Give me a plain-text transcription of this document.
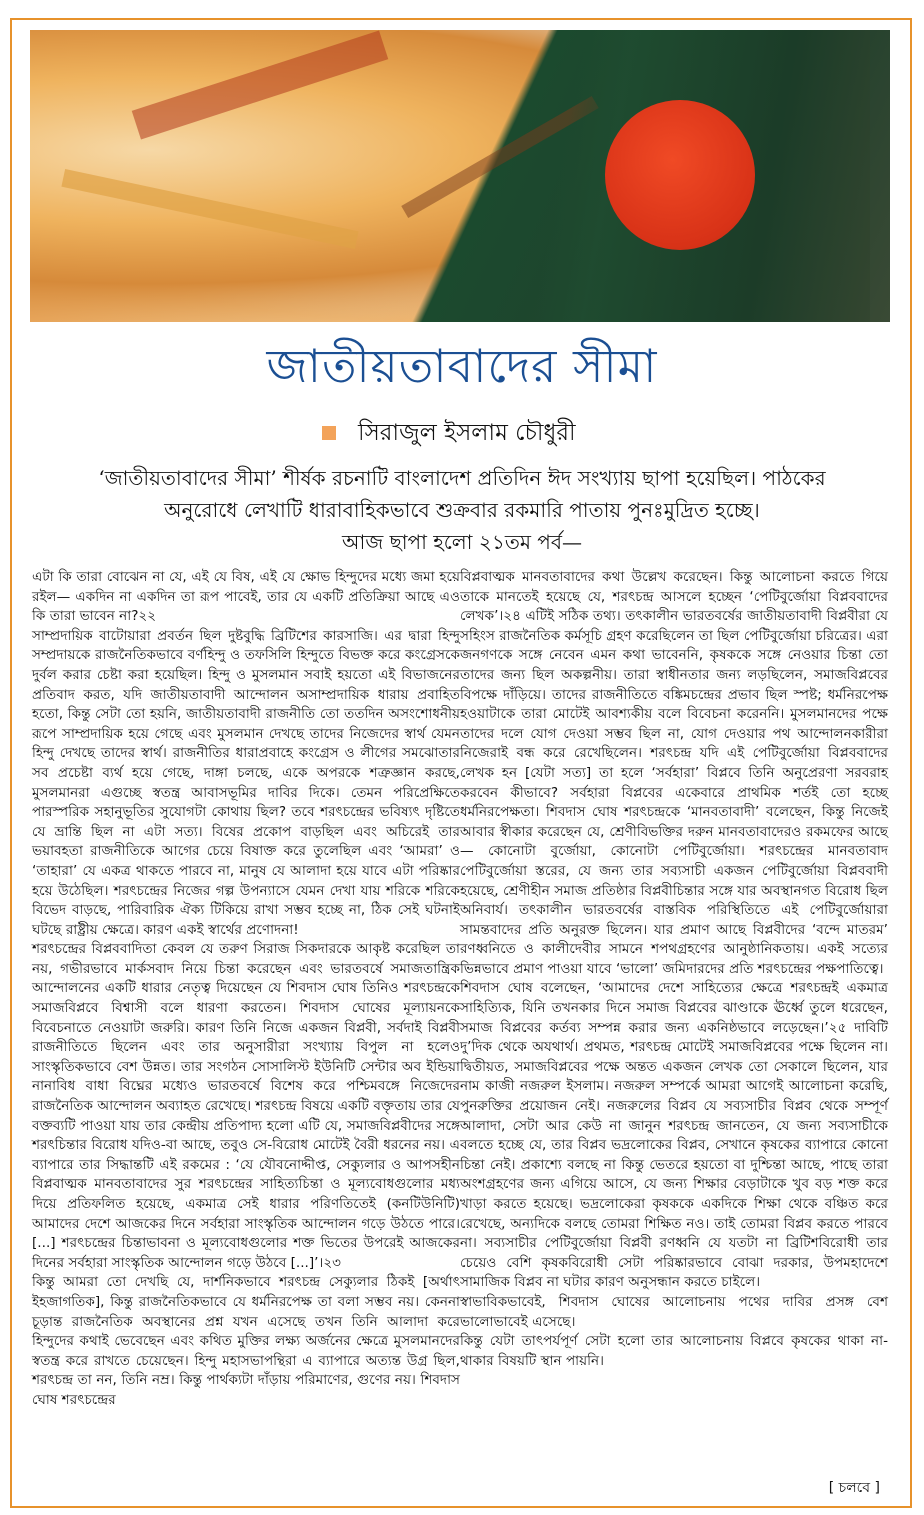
জাতীয়তাবাদের সীমা
সিরাজুল ইসলাম চৌধুরী

‘জাতীয়তাবাদের সীমা’ শীর্ষক রচনাটি বাংলাদেশ প্রতিদিন ঈদ সংখ্যায় ছাপা হয়েছিল। পাঠকের

অনুরোধে লেখাটি ধারাবাহিকভাবে শুক্রবার রকমারি পাতায় পুনঃমুদ্রিত হচ্ছে।

আজ ছাপা হলো ২১তম পর্ব—

এটা কি তারা বোঝেন না যে, এই যে বিষ, এই যে ক্ষোভ হিন্দুদের মধ্যে জমা হয়ে রইল— একদিন না একদিন তা রূপ পাবেই, তার যে একটি প্রতিক্রিয়া আছে এও কি তারা ভাবেন না?২২

সাম্প্রদায়িক বাটোয়ারা প্রবর্তন ছিল দুষ্টবুদ্ধি ব্রিটিশের কারসাজি। এর দ্বারা হিন্দু সম্প্রদায়কে রাজনৈতিকভাবে বর্ণহিন্দু ও তফসিলি হিন্দুতে বিভক্ত করে কংগ্রেসকে দুর্বল করার চেষ্টা করা হয়েছিল। হিন্দু ও মুসলমান সবাই হয়তো এই বিভাজনের প্রতিবাদ করত, যদি জাতীয়তাবাদী আন্দোলন অসাম্প্রদায়িক ধারায় প্রবাহিত হতো, কিন্তু সেটা তো হয়নি, জাতীয়তাবাদী রাজনীতি তো ততদিন অসংশোধনীয় রূপে সাম্প্রদায়িক হয়ে গেছে এবং মুসলমান দেখছে তাদের নিজেদের স্বার্থ যেমন হিন্দু দেখছে তাদের স্বার্থ। রাজনীতির ধারাপ্রবাহে কংগ্রেস ও লীগের সমঝোতার সব প্রচেষ্টা ব্যর্থ হয়ে গেছে, দাঙ্গা চলছে, একে অপরকে শত্রুজ্ঞান করছে, মুসলমানরা এগুচ্ছে স্বতন্ত্র আবাসভূমির দাবির দিকে। তেমন পরিপ্রেক্ষিতে পারস্পরিক সহানুভূতির সুযোগটা কোথায় ছিল? তবে শরৎচন্দ্রের ভবিষ্যৎ দৃষ্টিতে যে ভ্রান্তি ছিল না এটা সত্য। বিষের প্রকোপ বাড়ছিল এবং অচিরেই তার ভয়াবহতা রাজনীতিকে আগের চেয়ে বিষাক্ত করে তুলেছিল এবং ‘আমরা’ ও ‘তাহারা’ যে একত্র থাকতে পারবে না, মানুষ যে আলাদা হয়ে যাবে এটা পরিষ্কার হয়ে উঠেছিল। শরৎচন্দ্রের নিজের গল্প উপন্যাসে যেমন দেখা যায় শরিকে শরিকে বিভেদ বাড়ছে, পারিবারিক ঐক্য টিকিয়ে রাখা সম্ভব হচ্ছে না, ঠিক সেই ঘটনাই ঘটছে রাষ্ট্রীয় ক্ষেত্রে। কারণ একই স্বার্থের প্রণোদনা!

শরৎচন্দ্রের বিপ্লববাদিতা কেবল যে তরুণ সিরাজ সিকদারকে আকৃষ্ট করেছিল তা নয়, গভীরভাবে মার্কসবাদ নিয়ে চিন্তা করেছেন এবং ভারতবর্ষে সমাজতান্ত্রিক আন্দোলনের একটি ধারার নেতৃত্ব দিয়েছেন যে শিবদাস ঘোষ তিনিও শরৎচন্দ্রকে সমাজবিপ্লবে বিশ্বাসী বলে ধারণা করতেন। শিবদাস ঘোষের মূল্যায়নকে বিবেচনাতে নেওয়াটা জরুরি। কারণ তিনি নিজে একজন বিপ্লবী, সর্বদাই বিপ্লবী রাজনীতিতে ছিলেন এবং তার অনুসারীরা সংখ্যায় বিপুল না হলেও সাংস্কৃতিকভাবে বেশ উন্নত। তার সংগঠন সোসালিস্ট ইউনিটি সেন্টার অব ইন্ডিয়া নানাবিধ বাধা বিঘ্নের মধ্যেও ভারতবর্ষে বিশেষ করে পশ্চিমবঙ্গে নিজেদের রাজনৈতিক আন্দোলন অব্যাহত রেখেছে। শরৎচন্দ্র বিষয়ে একটি বক্তৃতায় তার যে বক্তব্যটি পাওয়া যায় তার কেন্দ্রীয় প্রতিপাদ্য হলো এটি যে, সমাজবিপ্লবীদের সঙ্গে শরৎচিন্তার বিরোধ যদিও-বা আছে, তবুও সে-বিরোধ মোটেই বৈরী ধরনের নয়। এ ব্যাপারে তার সিদ্ধান্তটি এই রকমের : ‘যে যৌবনোদ্দীপ্ত, সেক্যুলার ও আপসহীন বিপ্লবাত্মক মানবতাবাদের সুর শরৎচন্দ্রের সাহিত্যচিন্তা ও মূল্যবোধগুলোর মধ্য দিয়ে প্রতিফলিত হয়েছে, একমাত্র সেই ধারার পরিণতিতেই (কনটিউনিটি) আমাদের দেশে আজকের দিনে সর্বহারা সাংস্কৃতিক আন্দোলন গড়ে উঠতে পারে। [...] শরৎচন্দ্রের চিন্তাভাবনা ও মূল্যবোধগুলোর শক্ত ভিতের উপরেই আজকের দিনের সর্বহারা সাংস্কৃতিক আন্দোলন গড়ে উঠবে [...]’।২৩

কিন্তু আমরা তো দেখছি যে, দার্শনিকভাবে শরৎচন্দ্র সেক্যুলার ঠিকই [অর্থাৎ ইহজাগতিক], কিন্তু রাজনৈতিকভাবে যে ধর্মনিরপেক্ষ তা বলা সম্ভব নয়। কেননা চূড়ান্ত রাজনৈতিক অবস্থানের প্রশ্ন যখন এসেছে তখন তিনি আলাদা করে হিন্দুদের কথাই ভেবেছেন এবং কথিত মুক্তির লক্ষ্য অর্জনের ক্ষেত্রে মুসলমানদের স্বতন্ত্র করে রাখতে চেয়েছেন। হিন্দু মহাসভাপন্থিরা এ ব্যাপারে অত্যন্ত উগ্র ছিল, শরৎচন্দ্র তা নন, তিনি নম্র। কিন্তু পার্থক্যটা দাঁড়ায় পরিমাণের, গুণের নয়। শিবদাস ঘোষ শরৎচন্দ্রের

বিপ্লবাত্মক মানবতাবাদের কথা উল্লেখ করেছেন। কিন্তু আলোচনা করতে গিয়ে তাকে মানতেই হয়েছে যে, শরৎচন্দ্র আসলে হচ্ছেন ‘পেটিবুর্জোয়া বিপ্লববাদের লেখক’।২৪ এটিই সঠিক তথ্য। তৎকালীন ভারতবর্ষের জাতীয়তাবাদী বিপ্লবীরা যে সহিংস রাজনৈতিক কর্মসূচি গ্রহণ করেছিলেন তা ছিল পেটিবুর্জোয়া চরিত্রের। এরা জনগণকে সঙ্গে নেবেন এমন কথা ভাবেননি, কৃষককে সঙ্গে নেওয়ার চিন্তা তো তাদের জন্য ছিল অকল্পনীয়। তারা স্বাধীনতার জন্য লড়ছিলেন, সমাজবিপ্লবের বিপক্ষে দাঁড়িয়ে। তাদের রাজনীতিতে বঙ্কিমচন্দ্রের প্রভাব ছিল স্পষ্ট; ধর্মনিরপেক্ষ হওয়াটাকে তারা মোটেই আবশ্যকীয় বলে বিবেচনা করেননি। মুসলমানদের পক্ষে তাদের দলে যোগ দেওয়া সম্ভব ছিল না, যোগ দেওয়ার পথ আন্দোলনকারীরা নিজেরাই বন্ধ করে রেখেছিলেন। শরৎচন্দ্র যদি এই পেটিবুর্জোয়া বিপ্লববাদের লেখক হন [যেটা সত্য] তা হলে ‘সর্বহারা’ বিপ্লবে তিনি অনুপ্রেরণা সরবরাহ করবেন কীভাবে? সর্বহারা বিপ্লবের একেবারে প্রাথমিক শর্তই তো হচ্ছে ধর্মনিরপেক্ষতা। শিবদাস ঘোষ শরৎচন্দ্রকে ‘মানবতাবাদী’ বলেছেন, কিন্তু নিজেই আবার স্বীকার করেছেন যে, শ্রেণীবিভক্তির দরুন মানবতাবাদেরও রকমফের আছে— কোনোটা বুর্জোয়া, কোনোটা পেটিবুর্জোয়া। শরৎচন্দ্রের মানবতাবাদ পেটিবুর্জোয়া স্তরের, যে জন্য তার সব্যসাচী একজন পেটিবুর্জোয়া বিপ্লববাদী হয়েছে, শ্রেণীহীন সমাজ প্রতিষ্ঠার বিপ্লবীচিন্তার সঙ্গে যার অবস্থানগত বিরোধ ছিল অনিবার্য। তৎকালীন ভারতবর্ষের বাস্তবিক পরিস্থিতিতে এই পেটিবুর্জোয়ারা সামন্তবাদের প্রতি অনুরক্ত ছিলেন। যার প্রমাণ আছে বিপ্লবীদের ‘বন্দে মাতরম’ রণধ্বনিতে ও কালীদেবীর সামনে শপথগ্রহণের আনুষ্ঠানিকতায়। একই সত্যের ভিন্নভাবে প্রমাণ পাওয়া যাবে ‘ভালো’ জমিদারদের প্রতি শরৎচন্দ্রের পক্ষপাতিত্বে।

শিবদাস ঘোষ বলেছেন, ‘আমাদের দেশে সাহিত্যের ক্ষেত্রে শরৎচন্দ্রই একমাত্র সাহিত্যিক, যিনি তখনকার দিনে সমাজ বিপ্লবের ঝাণ্ডাকে ঊর্ধ্বে তুলে ধরেছেন, সমাজ বিপ্লবের কর্তব্য সম্পন্ন করার জন্য একনিষ্ঠভাবে লড়েছেন।’২৫ দাবিটি দু’দিক থেকে অযথার্থ। প্রথমত, শরৎচন্দ্র মোটেই সমাজবিপ্লবের পক্ষে ছিলেন না। দ্বিতীয়ত, সমাজবিপ্লবের পক্ষে অন্তত একজন লেখক তো সেকালে ছিলেন, যার নাম কাজী নজরুল ইসলাম। নজরুল সম্পর্কে আমরা আগেই আলোচনা করেছি, পুনরুক্তির প্রয়োজন নেই। নজরুলের বিপ্লব যে সব্যসাচীর বিপ্লব থেকে সম্পূর্ণ আলাদা, সেটা আর কেউ না জানুন শরৎচন্দ্র জানতেন, যে জন্য সব্যসাচীকে বলতে হচ্ছে যে, তার বিপ্লব ভদ্রলোকের বিপ্লব, সেখানে কৃষকের ব্যাপারে কোনো চিন্তা নেই। প্রকাশ্যে বলছে না কিন্তু ভেতরে হয়তো বা দুশ্চিন্তা আছে, পাছে তারা অংশগ্রহণের জন্য এগিয়ে আসে, যে জন্য শিক্ষার বেড়াটাকে খুব বড় শক্ত করে খাড়া করতে হয়েছে। ভদ্রলোকেরা কৃষককে একদিকে শিক্ষা থেকে বঞ্চিত করে রেখেছে, অন্যদিকে বলছে তোমরা শিক্ষিত নও। তাই তোমরা বিপ্লব করতে পারবে না। সব্যসাচীর পেটিবুর্জোয়া বিপ্লবী রণধ্বনি যে যতটা না ব্রিটিশবিরোধী তার চেয়েও বেশি কৃষকবিরোধী সেটা পরিষ্কারভাবে বোঝা দরকার, উপমহাদেশে সামাজিক বিপ্লব না ঘটার কারণ অনুসন্ধান করতে চাইলে।

স্বাভাবিকভাবেই, শিবদাস ঘোষের আলোচনায় পথের দাবির প্রসঙ্গ বেশ ভালোভাবেই এসেছে।

কিন্তু যেটা তাৎপর্যপূর্ণ সেটা হলো তার আলোচনায় বিপ্লবে কৃষকের থাকা না-থাকার বিষয়টি স্থান পায়নি।

[ চলবে ]
